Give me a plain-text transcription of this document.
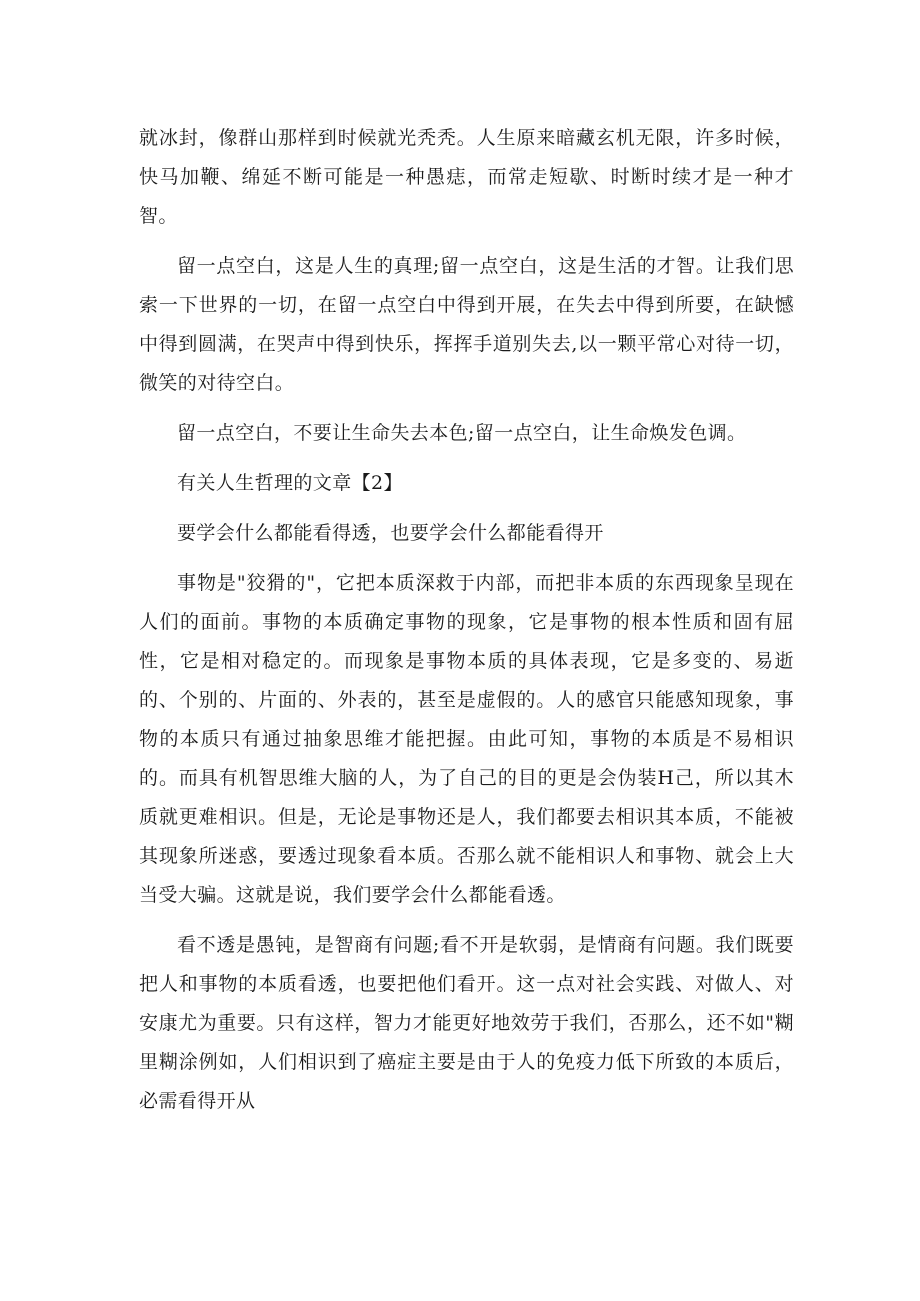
就冰封，像群山那样到时候就光秃秃。人生原来暗藏玄机无限，许多时候，快马加鞭、绵延不断可能是一种愚痣，而常走短歇、时断时续才是一种才智。

留一点空白，这是人生的真理;留一点空白，这是生活的才智。让我们思索一下世界的一切，在留一点空白中得到开展，在失去中得到所要，在缺憾中得到圆满，在哭声中得到快乐，挥挥手道别失去,以一颗平常心对待一切，微笑的对待空白。

留一点空白，不要让生命失去本色;留一点空白，让生命焕发色调。

有关人生哲理的文章【2】

要学会什么都能看得透，也要学会什么都能看得开

事物是"狡猾的"，它把本质深救于内部，而把非本质的东西现象呈现在人们的面前。事物的本质确定事物的现象，它是事物的根本性质和固有屈性，它是相对稳定的。而现象是事物本质的具体表现，它是多变的、易逝的、个别的、片面的、外表的，甚至是虚假的。人的感官只能感知现象，事物的本质只有通过抽象思维才能把握。由此可知，事物的本质是不易相识的。而具有机智思维大脑的人，为了自己的目的更是会伪装H己，所以其木质就更难相识。但是，无论是事物还是人，我们都要去相识其本质，不能被其现象所迷惑，要透过现象看本质。否那么就不能相识人和事物、就会上大当受大骗。这就是说，我们要学会什么都能看透。

看不透是愚钝，是智商有问题;看不开是软弱，是情商有问题。我们既要把人和事物的本质看透，也要把他们看开。这一点对社会实践、对做人、对安康尤为重要。只有这样，智力才能更好地效劳于我们，否那么，还不如"糊里糊涂例如，人们相识到了癌症主要是由于人的免疫力低下所致的本质后，必需看得开从
